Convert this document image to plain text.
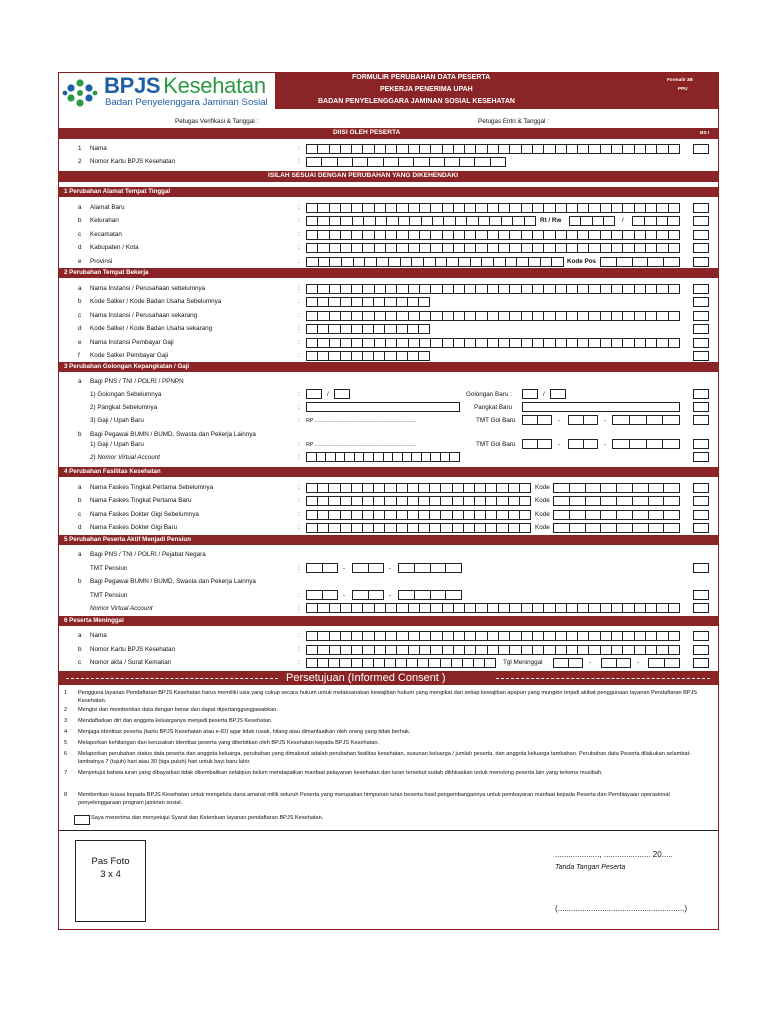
BPJS Kesehatan
Badan Penyelenggara Jaminan Sosial
FORMULIR PERUBAHAN DATA PESERTA
PEKERJA PENERIMA UPAH
BADAN PENYELENGGARA JAMINAN SOSIAL KESEHATAN
Formulir 3B
PPU
Petugas Verifikasi & Tanggal :	Petugas Entri & Tanggal :
DIISI OLEH PESERTA	BS I
1 Nama	:
2 Nomor Kartu BPJS Kesehatan	:
ISILAH SESUAI DENGAN PERUBAHAN YANG DIKEHENDAKI
1 Perubahan Alamat Tempat Tinggal
a Alamat Baru	:
b Kelurahan	:	Rt / Rw	/
c Kecamatan	:
d Kabupaten / Kota	:
e Provinsi	:	Kode Pos
2 Perubahan Tempat Bekerja
a Nama Instansi / Perusahaan sebelumnya	:
b Kode Satker / Kode Badan Usaha Sebelumnya	:
c Nama Instansi / Perusahaan sekarang	:
d Kode Satker / Kode Badan Usaha sekarang	:
e Nama Instansi Pembayar Gaji	:
f Kode Satker Pembayar Gaji	:
3 Perubahan Golongan Kepangkatan / Gaji
a Bagi PNS / TNI / POLRI / PPNPN
1) Golongan Sebelumnya	:	/	Golongan Baru :	/
2) Pangkat Sebelumnya	:	Pangkat Baru
3) Gaji / Upah Baru	: RP ....................................................................	TMT Gol Baru	-	-
b Bagi Pegawai BUMN / BUMD, Swasta dan Pekerja Lainnya
1) Gaji / Upah Baru	: RP ....................................................................	TMT Gol Baru	-	-
2) Nomor Virtual Account	:
4 Perubahan Fasilitas Kesehatan
a Nama Faskes Tingkat Pertama Sebelumnya	:	Kode
b Nama Faskes Tingkat Pertama Baru	:	Kode
c Nama Faskes Dokter Gigi Sebelumnya	:	Kode
d Nama Faskes Dokter Gigi Baru	:	Kode
5 Perubahan Peserta Aktif Menjadi Pensiun
a Bagi PNS / TNI / POLRI / Pejabat Negara
TMT Pensiun	:	-	-
b Bagi Pegawai BUMN / BUMD, Swasta dan Pekerja Lainnya
TMT Pensiun	:	-	-
Nomor Virtual Account	:
6 Peserta Meninggal
a Nama	:
b Nomor Kartu BPJS Kesehatan	:
c Nomor akta / Surat Kematian	:	Tgl Meninggal	-	-
Persetujuan (Informed Consent )
1 Pengguna layanan Pendaftaran BPJS Kesehatan harus memiliki usia yang cukup secara hukum untuk melaksanakan kewajiban hukum yang mengikat dari setiap kewajiban apapun yang mungkin terjadi akibat penggunaan layanan Pendaftaran BPJS Kesehatan.
2 Mengisi dan memberikan data dengan benar dan dapat dipertanggungjawabkan.
3 Mendaftarkan diri dan anggota keluarganya menjadi peserta BPJS Kesehatan.
4 Menjaga identitas peserta (kartu BPJS Kesehatan atau e-ID) agar tidak rusak, hilang atau dimanfaatkan oleh orang yang tidak berhak.
5 Melaporkan kehilangan dan kerusakan identitas peserta yang diterbitkan oleh BPJS Kesehatan kepada BPJS Kesehatan.
6 Melaporkan perubahan status data peserta dan anggota keluarga, perubahan yang dimaksud adalah perubahan fasilitas kesehatan, susunan keluarga / jumlah peserta, dan anggota keluarga tambahan. Perubahan data Peserta dilakukan selambat-lambatnya 7 (tujuh) hari atau 30 (tiga puluh) hari untuk bayi baru lahir.
7 Menyetujui bahwa iuran yang dibayarkan tidak dikembalikan selalipun belum mendapatkan manfaat pelayanan kesehatan dan iuran tersebut sudah dikhkaskan untuk menolong peserta lain yang terkena musibah.
8 Memberikan kuasa kepada BPJS Kesehatan untuk mengelola dana amanat milik seluruh Peserta yang merupakan himpunan iuran beserta hasil pengembangannya untuk pembayaran manfaat kepada Peserta dan Pembiayaan operasional penyelenggaraan program jaminan sosial.
Saya menerima dan menyetujui Syarat dan Ketentuan layanan pendaftaran BPJS Kesehatan.
Pas Foto
3 x 4
...................., ..................... 20.....
Tanda Tangan Peserta
(.........................................................)
